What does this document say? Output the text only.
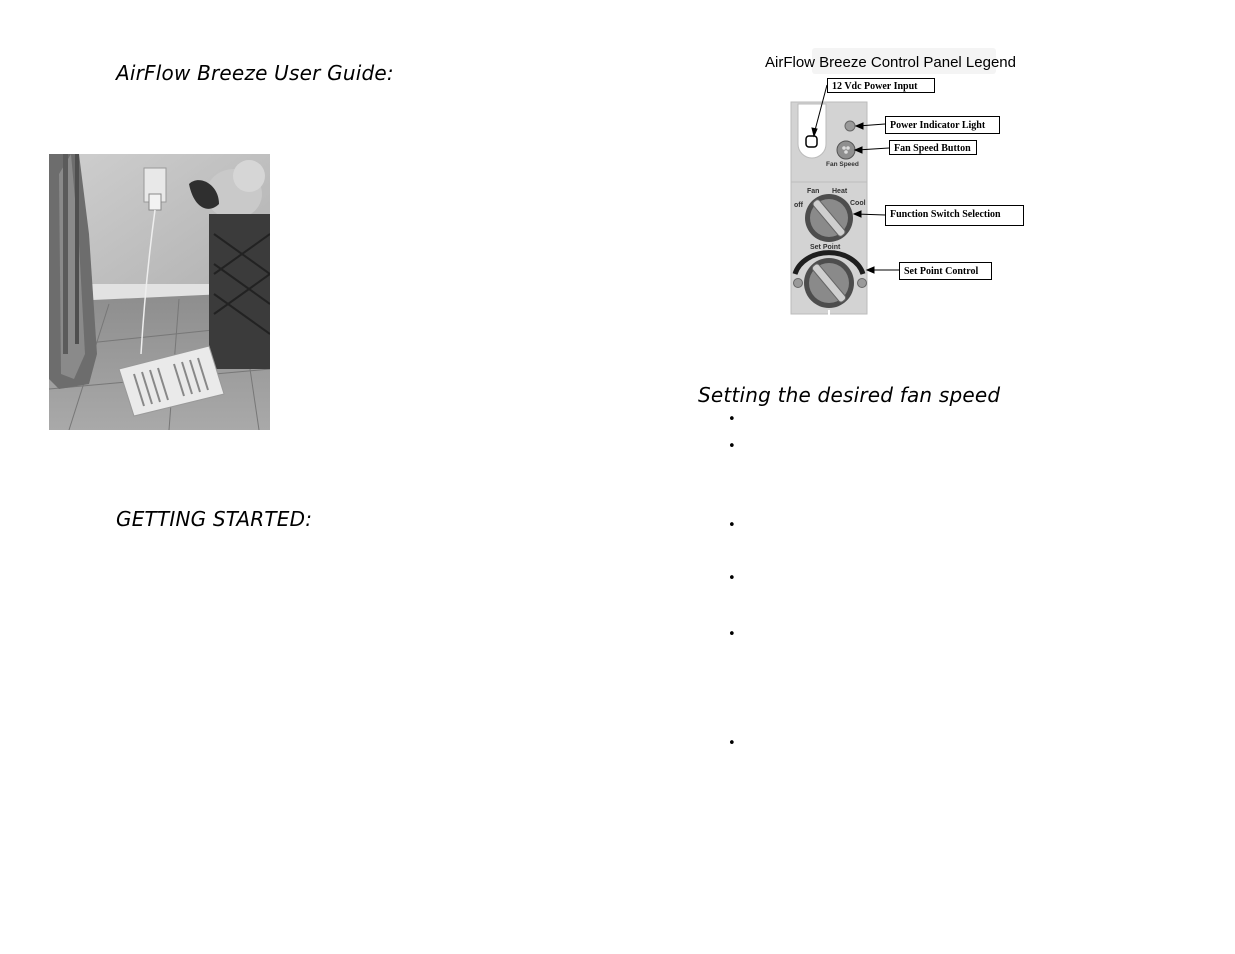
AirFlow Breeze User Guide:
GETTING STARTED:
AirFlow Breeze Control Panel Legend
Fan Speed
Fan Heat
off	Cool
Set Point
12 Vdc Power Input
Power Indicator Light
Fan Speed Button
Function Switch Selection
Set Point Control
Setting the desired fan speed
•
•
•
•
•
•
